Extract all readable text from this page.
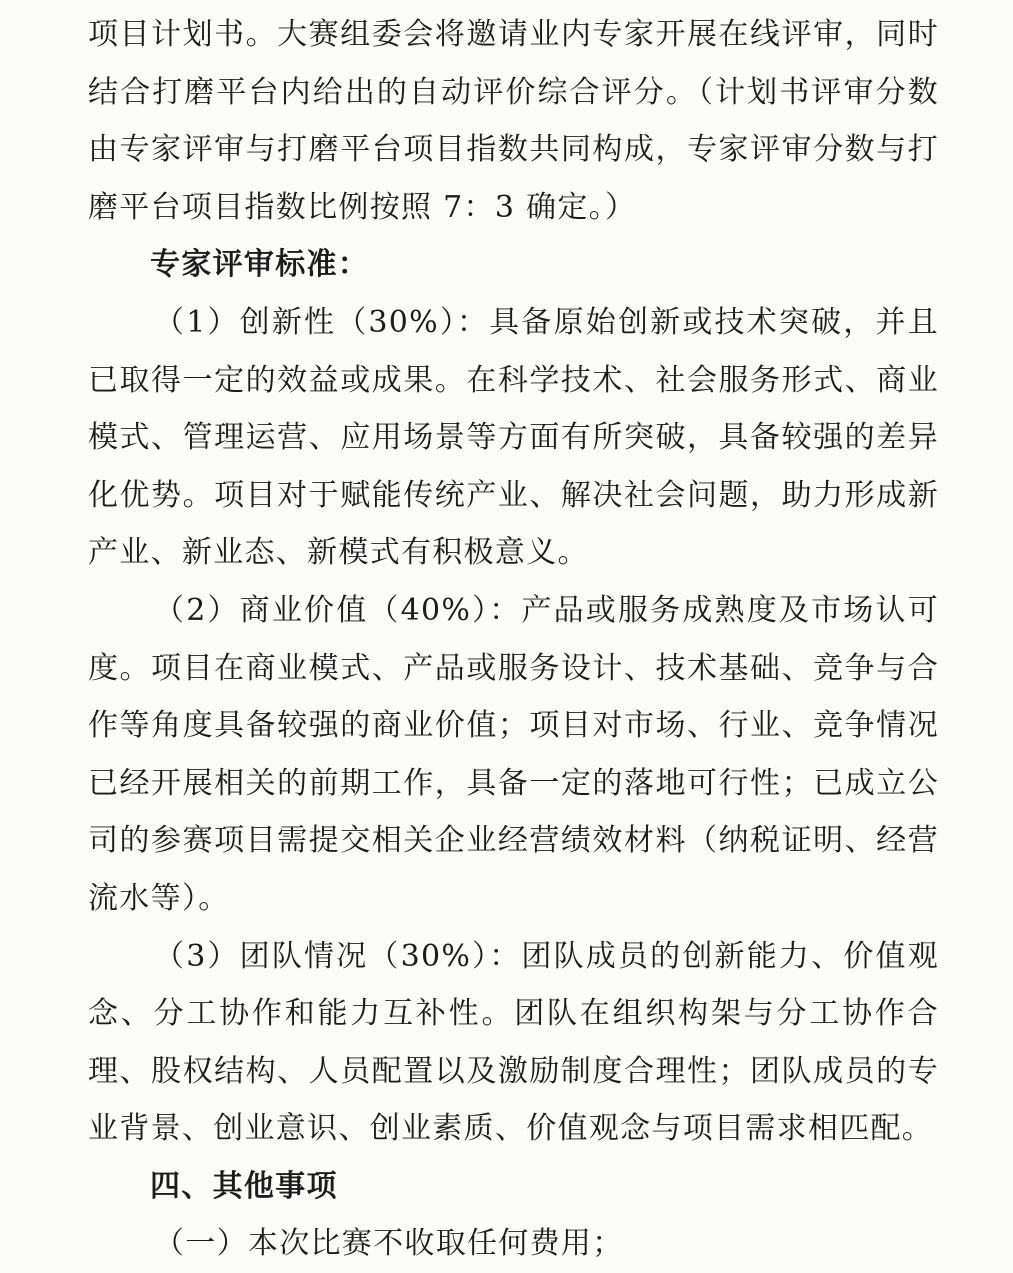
项目计划书。大赛组委会将邀请业内专家开展在线评审，同时结合打磨平台内给出的自动评价综合评分。（计划书评审分数由专家评审与打磨平台项目指数共同构成，专家评审分数与打磨平台项目指数比例按照 7：3 确定。）

专家评审标准：

（1）创新性（30%）：具备原始创新或技术突破，并且已取得一定的效益或成果。在科学技术、社会服务形式、商业模式、管理运营、应用场景等方面有所突破，具备较强的差异化优势。项目对于赋能传统产业、解决社会问题，助力形成新产业、新业态、新模式有积极意义。

（2）商业价值（40%）：产品或服务成熟度及市场认可度。项目在商业模式、产品或服务设计、技术基础、竞争与合作等角度具备较强的商业价值；项目对市场、行业、竞争情况已经开展相关的前期工作，具备一定的落地可行性；已成立公司的参赛项目需提交相关企业经营绩效材料（纳税证明、经营流水等）。

（3）团队情况（30%）：团队成员的创新能力、价值观念、分工协作和能力互补性。团队在组织构架与分工协作合理、股权结构、人员配置以及激励制度合理性；团队成员的专业背景、创业意识、创业素质、价值观念与项目需求相匹配。

四、其他事项

（一）本次比赛不收取任何费用；
